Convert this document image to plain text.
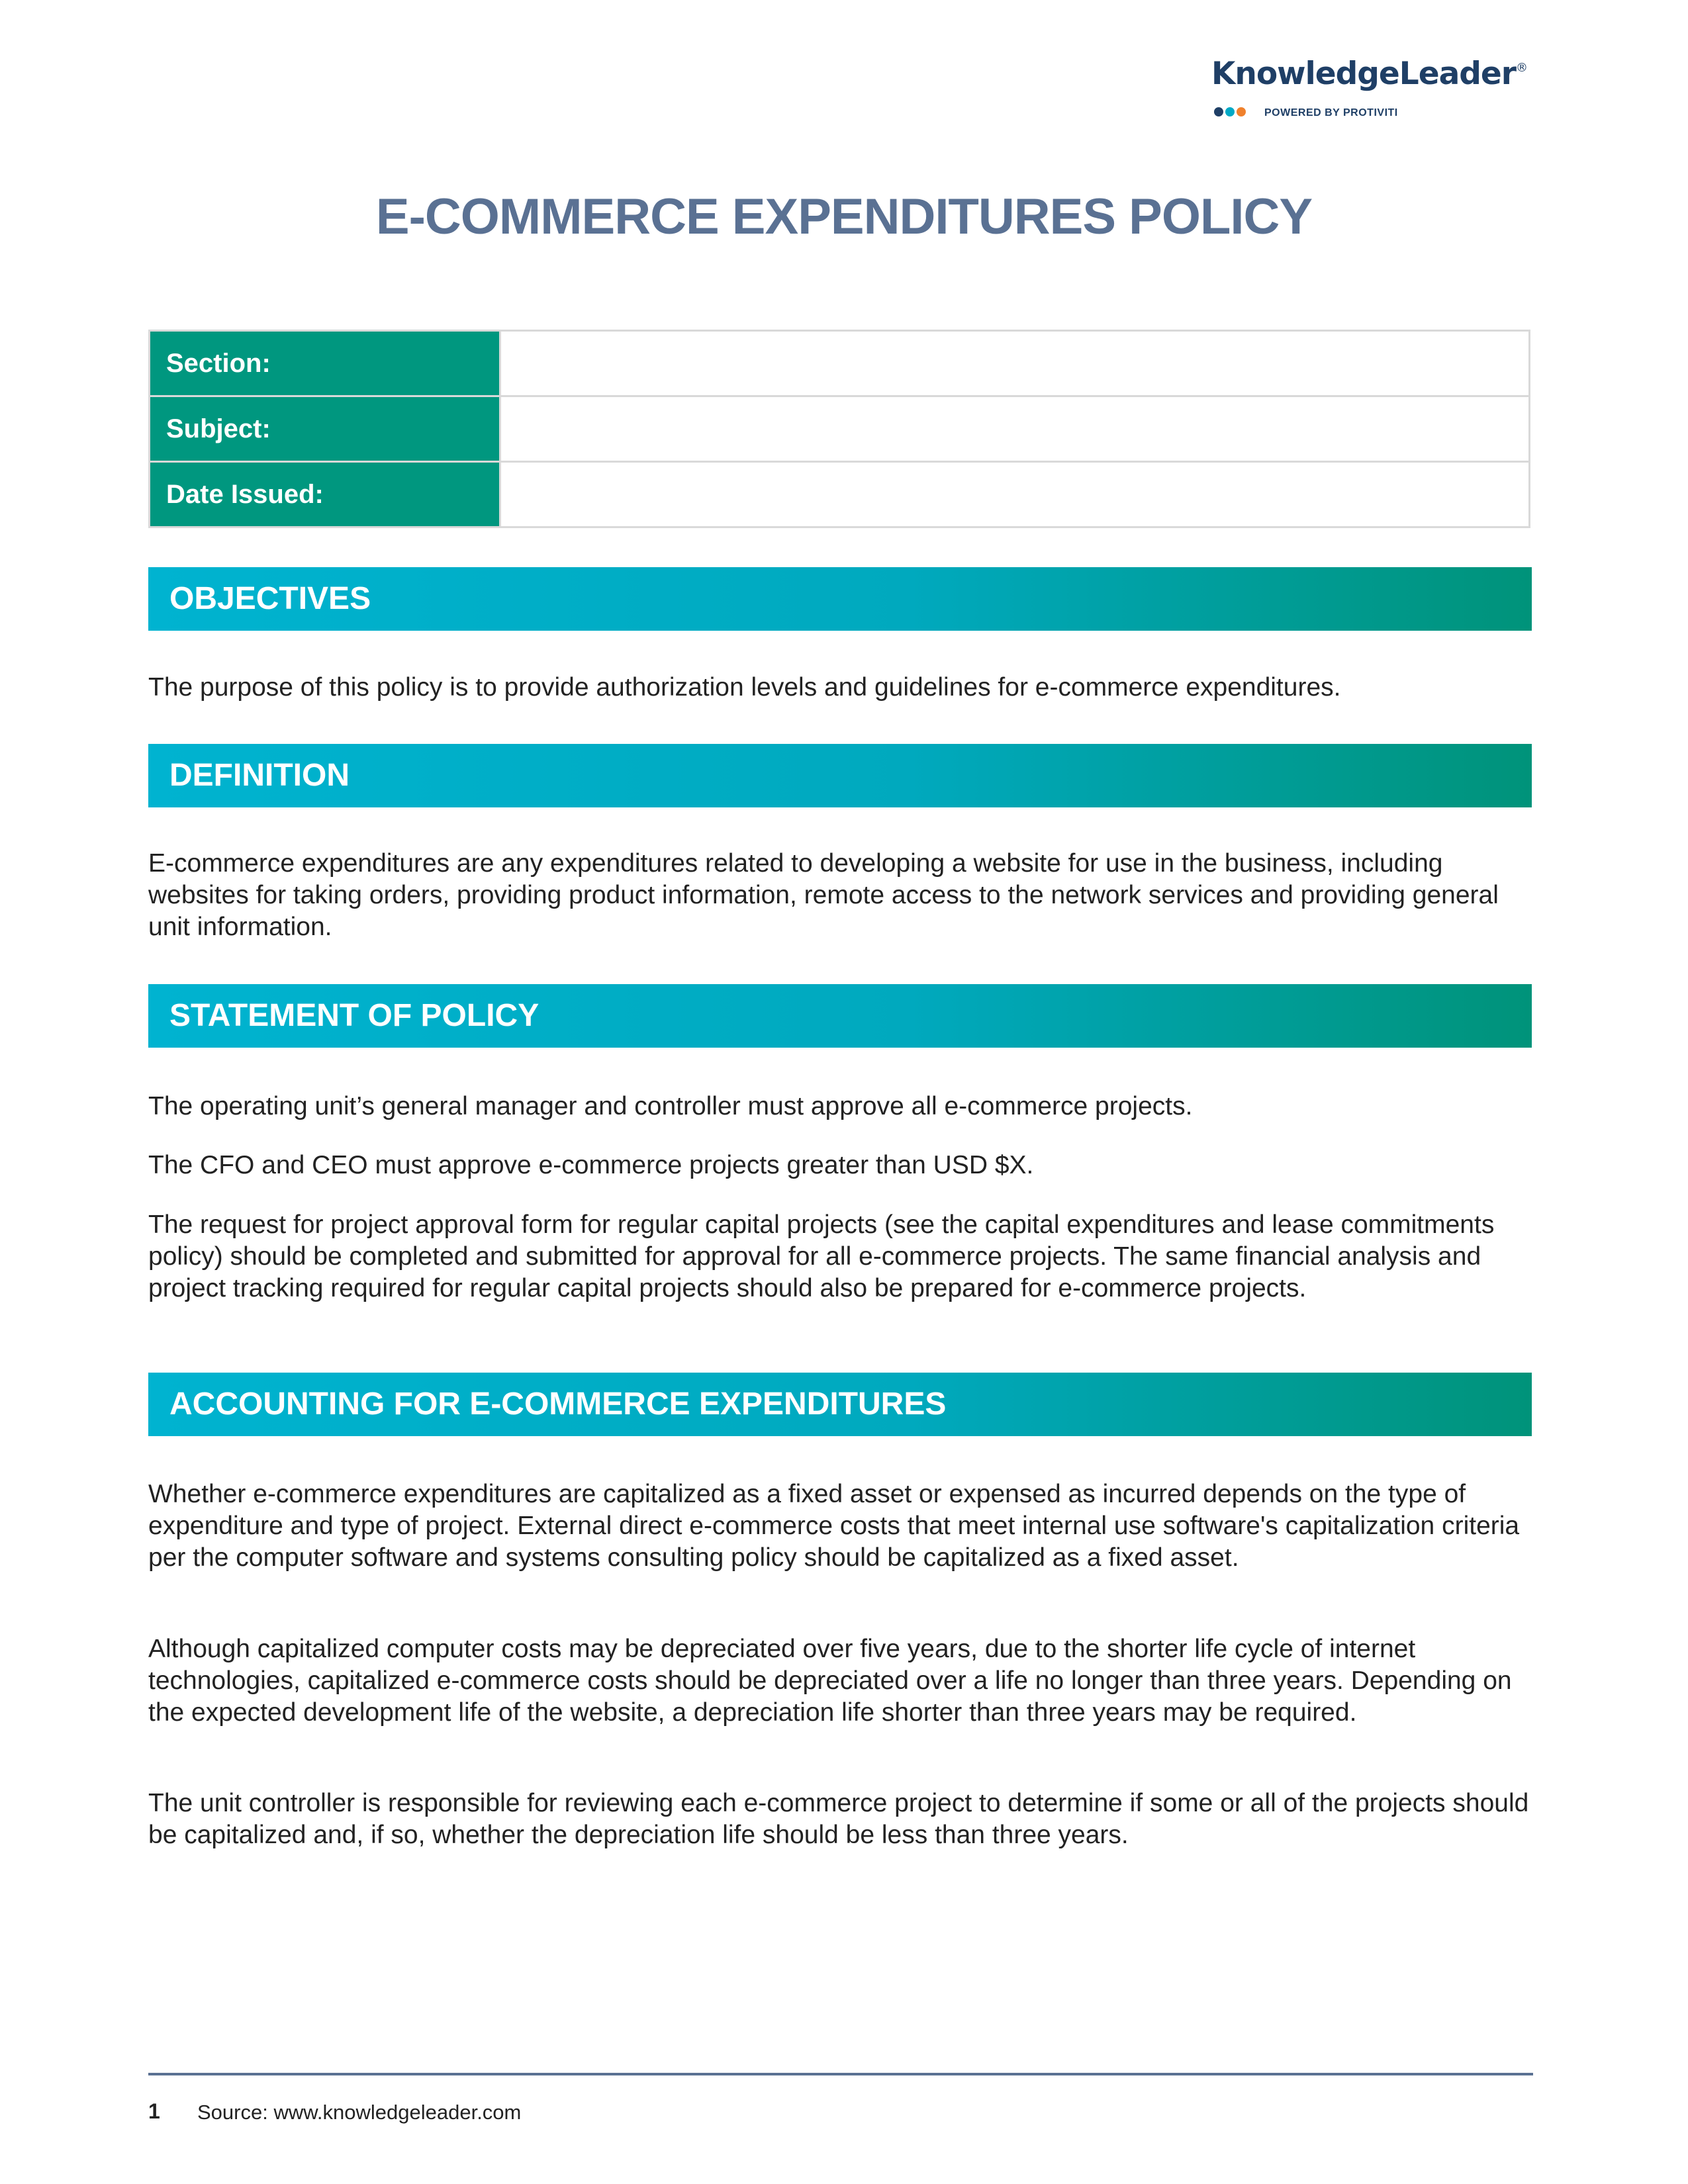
KnowledgeLeader®
POWERED BY PROTIVITI
E-COMMERCE EXPENDITURES POLICY
Section:	
Subject:	
Date Issued:	
OBJECTIVES

The purpose of this policy is to provide authorization levels and guidelines for e-commerce expenditures.

DEFINITION

E-commerce expenditures are any expenditures related to developing a website for use in the business, including websites for taking orders, providing product information, remote access to the network services and providing general unit information.

STATEMENT OF POLICY

The operating unit’s general manager and controller must approve all e-commerce projects.

The CFO and CEO must approve e-commerce projects greater than USD $X.

The request for project approval form for regular capital projects (see the capital expenditures and lease commitments policy) should be completed and submitted for approval for all e-commerce projects. The same financial analysis and project tracking required for regular capital projects should also be prepared for e-commerce projects.

ACCOUNTING FOR E-COMMERCE EXPENDITURES

Whether e-commerce expenditures are capitalized as a fixed asset or expensed as incurred depends on the type of expenditure and type of project. External direct e-commerce costs that meet internal use software's capitalization criteria per the computer software and systems consulting policy should be capitalized as a fixed asset.

Although capitalized computer costs may be depreciated over five years, due to the shorter life cycle of internet technologies, capitalized e-commerce costs should be depreciated over a life no longer than three years. Depending on the expected development life of the website, a depreciation life shorter than three years may be required.

The unit controller is responsible for reviewing each e-commerce project to determine if some or all of the projects should be capitalized and, if so, whether the depreciation life should be less than three years.

1 Source: www.knowledgeleader.com
